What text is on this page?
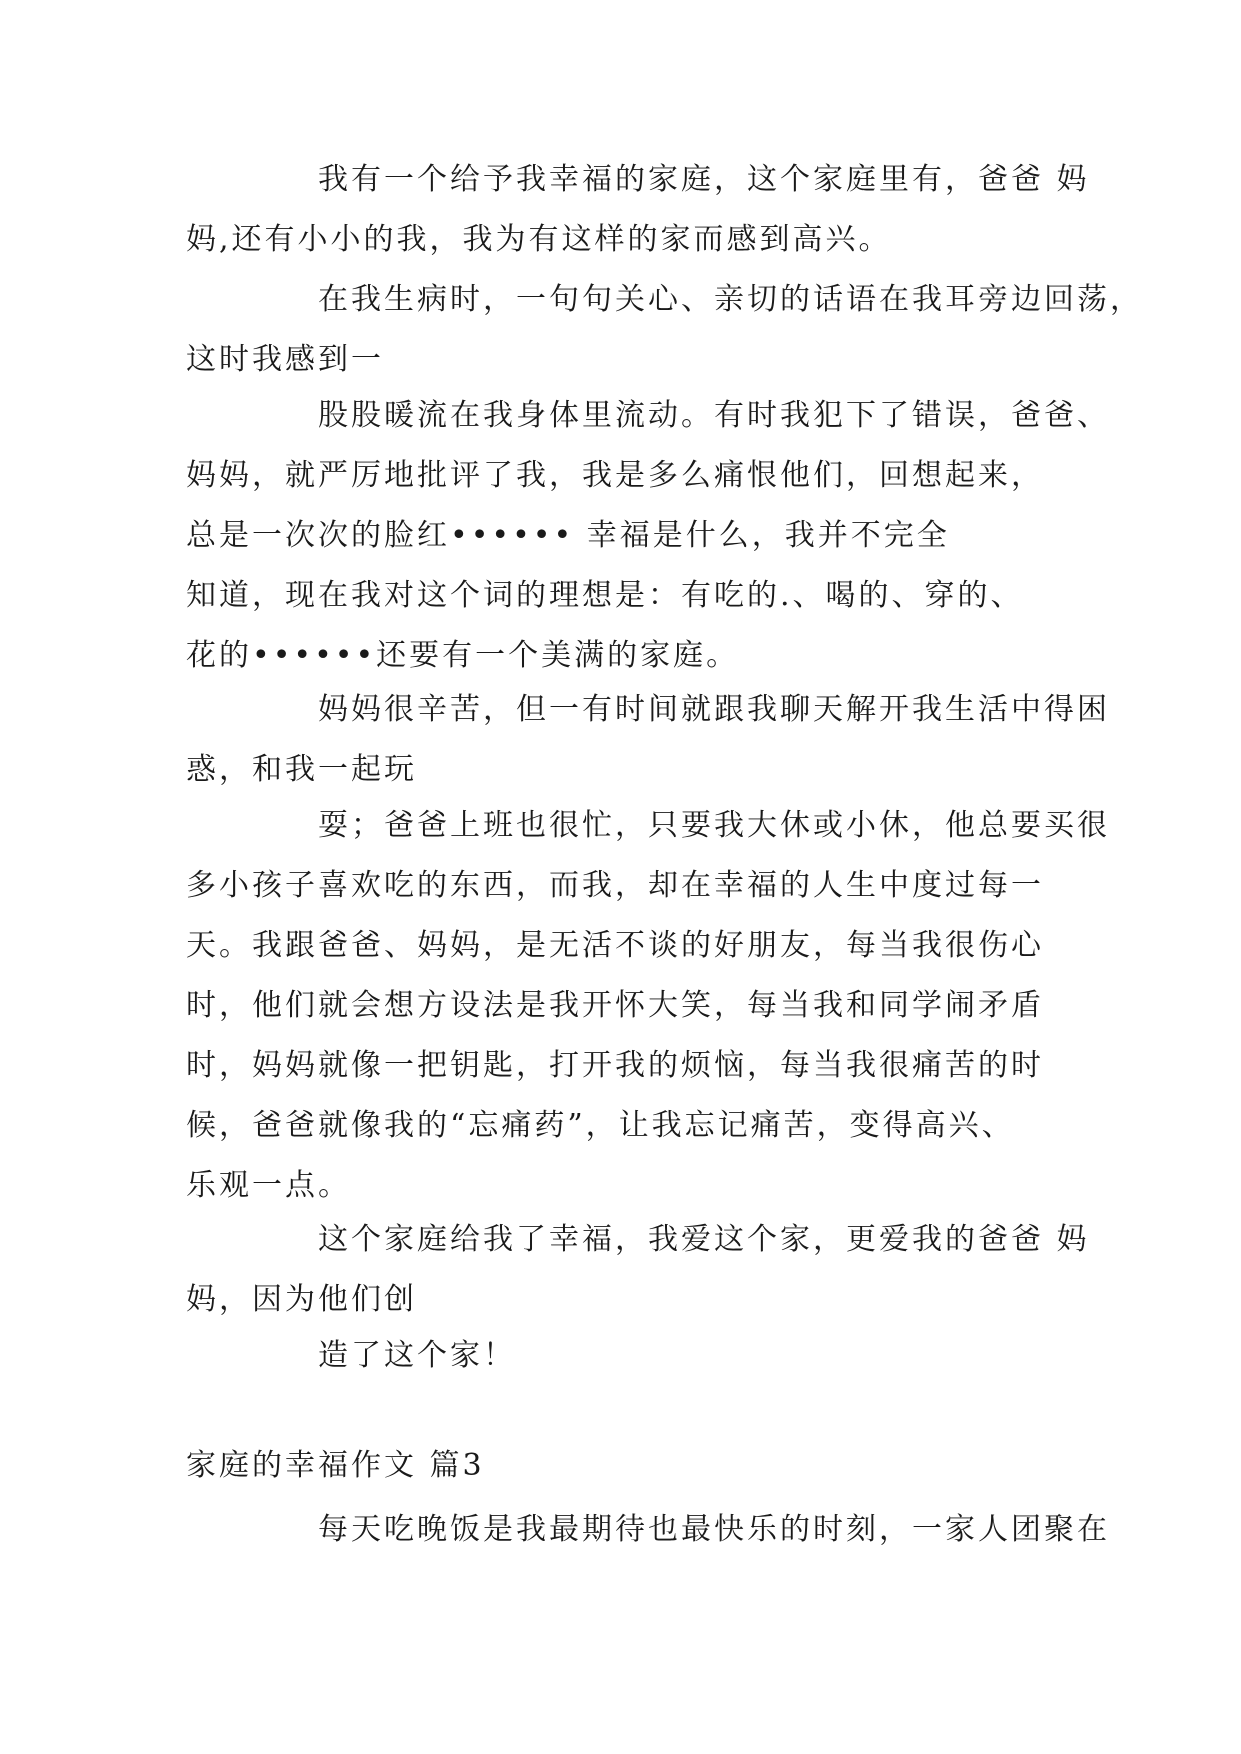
我有一个给予我幸福的家庭，这个家庭里有，爸爸 妈
妈,还有小小的我，我为有这样的家而感到高兴。
在我生病时，一句句关心、亲切的话语在我耳旁边回荡，
这时我感到一
股股暖流在我身体里流动。有时我犯下了错误，爸爸、
妈妈，就严厉地批评了我，我是多么痛恨他们，回想起来，
总是一次次的脸红•••••• 幸福是什么，我并不完全
知道，现在我对这个词的理想是：有吃的.、喝的、穿的、
花的••••••还要有一个美满的家庭。
妈妈很辛苦，但一有时间就跟我聊天解开我生活中得困
惑，和我一起玩
耍；爸爸上班也很忙，只要我大休或小休，他总要买很
多小孩子喜欢吃的东西，而我，却在幸福的人生中度过每一
天。我跟爸爸、妈妈，是无活不谈的好朋友，每当我很伤心
时，他们就会想方设法是我开怀大笑，每当我和同学闹矛盾
时，妈妈就像一把钥匙，打开我的烦恼，每当我很痛苦的时
候，爸爸就像我的“忘痛药”，让我忘记痛苦，变得高兴、
乐观一点。
这个家庭给我了幸福，我爱这个家，更爱我的爸爸 妈
妈，因为他们创
造了这个家！
家庭的幸福作文 篇3
每天吃晚饭是我最期待也最快乐的时刻，一家人团聚在
